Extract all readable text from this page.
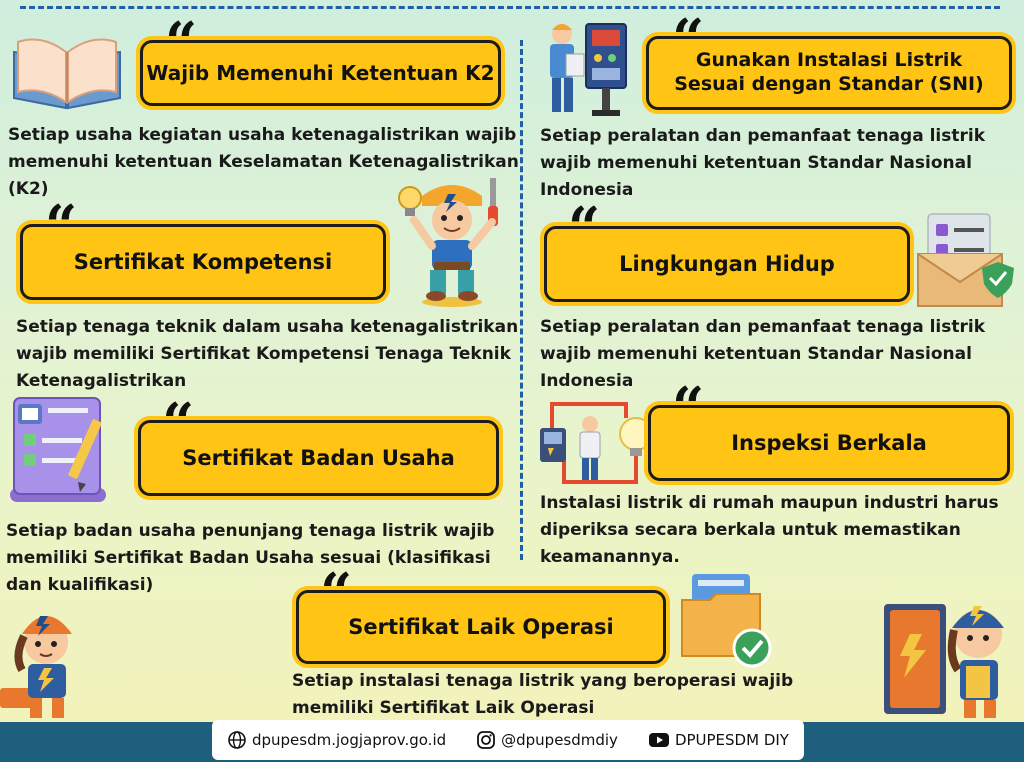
Wajib Memenuhi Ketentuan K2
Setiap usaha kegiatan usaha ketenagalistrikan wajib
memenuhi ketentuan Keselamatan Ketenagalistrikan
(K2)
Sertifikat Kompetensi
Setiap tenaga teknik dalam usaha ketenagalistrikan
wajib memiliki Sertifikat Kompetensi Tenaga Teknik
Ketenagalistrikan
Sertifikat Badan Usaha
Setiap badan usaha penunjang tenaga listrik wajib
memiliki Sertifikat Badan Usaha sesuai (klasifikasi
dan kualifikasi)
Gunakan Instalasi Listrik
Sesuai dengan Standar (SNI)
Setiap peralatan dan pemanfaat tenaga listrik
wajib memenuhi ketentuan Standar Nasional
Indonesia
Lingkungan Hidup
Setiap peralatan dan pemanfaat tenaga listrik
wajib memenuhi ketentuan Standar Nasional
Indonesia
Inspeksi Berkala
Instalasi listrik di rumah maupun industri harus
diperiksa secara berkala untuk memastikan
keamanannya.
Sertifikat Laik Operasi
Setiap instalasi tenaga listrik yang beroperasi wajib
memiliki Sertifikat Laik Operasi
dpupesdm.jogjaprov.go.id	@dpupesdmdiy	DPUPESDM DIY
